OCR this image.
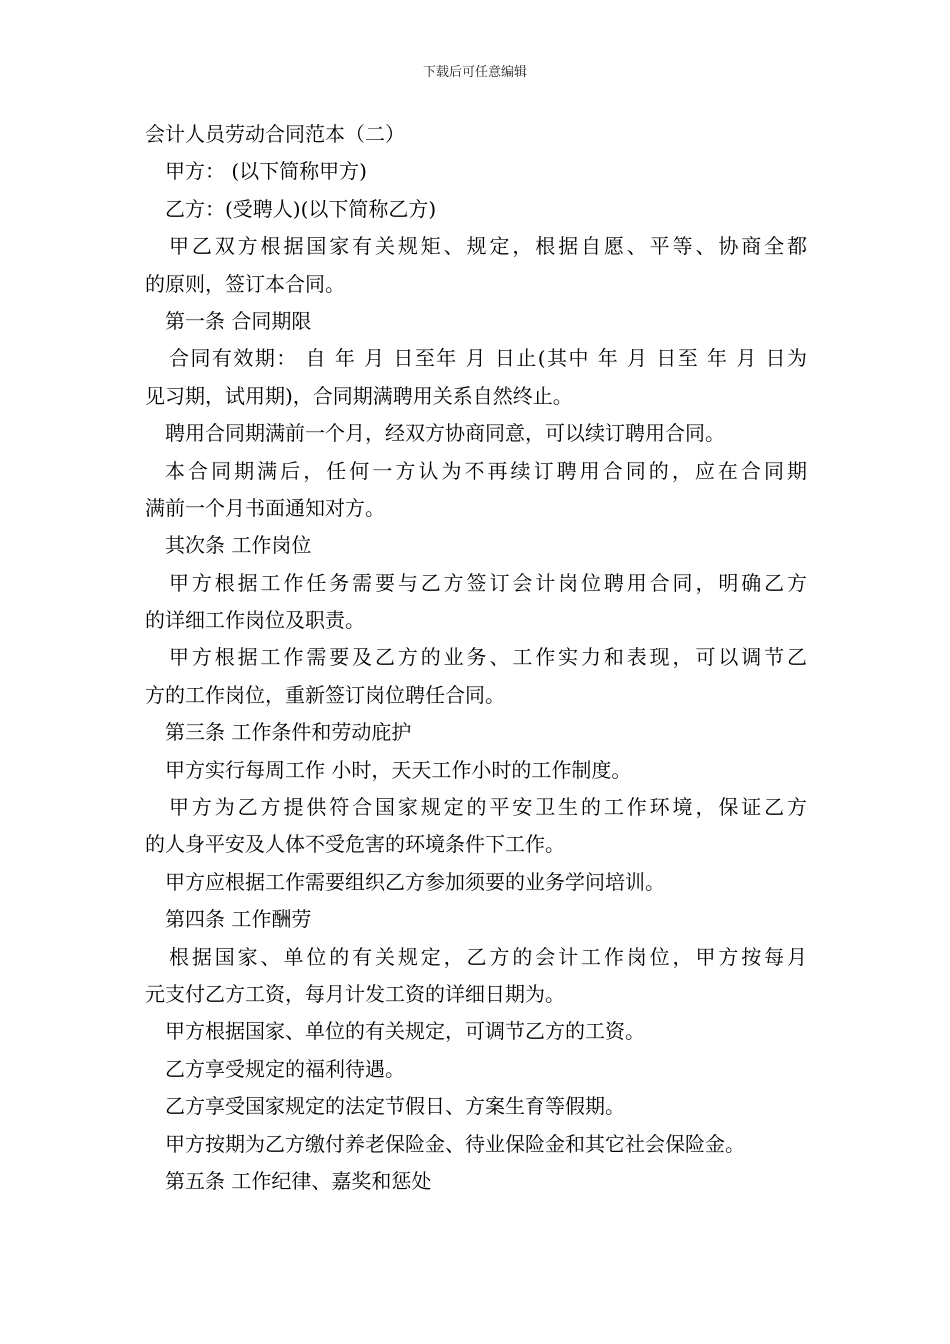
下载后可任意编辑
会计人员劳动合同范本（二）
甲方： (以下简称甲方)
乙方：(受聘人)(以下简称乙方)
甲乙双方根据国家有关规矩、规定，根据自愿、平等、协商全都
的原则，签订本合同。
第一条 合同期限
合同有效期： 自 年 月 日至年 月 日止(其中 年 月 日至 年 月 日为
见习期，试用期)，合同期满聘用关系自然终止。
聘用合同期满前一个月，经双方协商同意，可以续订聘用合同。
本合同期满后，任何一方认为不再续订聘用合同的，应在合同期
满前一个月书面通知对方。
其次条 工作岗位
甲方根据工作任务需要与乙方签订会计岗位聘用合同，明确乙方
的详细工作岗位及职责。
甲方根据工作需要及乙方的业务、工作实力和表现，可以调节乙
方的工作岗位，重新签订岗位聘任合同。
第三条 工作条件和劳动庇护
甲方实行每周工作 小时，天天工作小时的工作制度。
甲方为乙方提供符合国家规定的平安卫生的工作环境，保证乙方
的人身平安及人体不受危害的环境条件下工作。
甲方应根据工作需要组织乙方参加须要的业务学问培训。
第四条 工作酬劳
根据国家、单位的有关规定，乙方的会计工作岗位，甲方按每月
元支付乙方工资，每月计发工资的详细日期为。
甲方根据国家、单位的有关规定，可调节乙方的工资。
乙方享受规定的福利待遇。
乙方享受国家规定的法定节假日、方案生育等假期。
甲方按期为乙方缴付养老保险金、待业保险金和其它社会保险金。
第五条 工作纪律、嘉奖和惩处
